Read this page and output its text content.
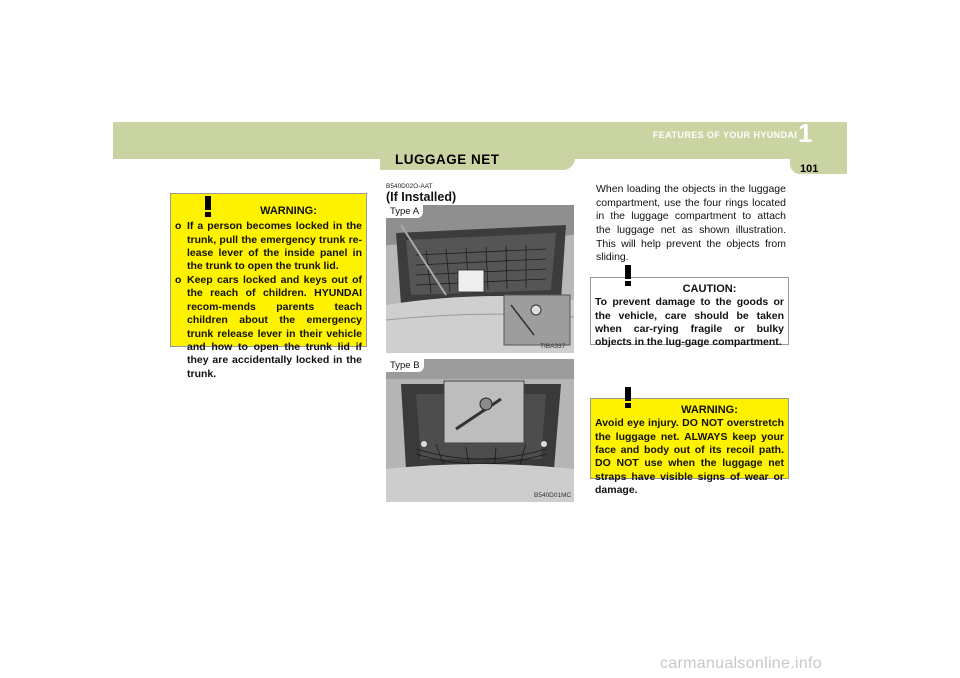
LUGGAGE NET
FEATURES OF YOUR HYUNDAI 1
101
WARNING:
o If a person becomes locked in the trunk, pull the emergency trunk re-lease lever of the inside panel in the trunk to open the trunk lid.
o Keep cars locked and keys out of the reach of children. HYUNDAI recom-mends parents teach children about the emergency trunk release lever in their vehicle and how to open the trunk lid if they are accidentally locked in the trunk.
B540D02O-AAT
(If Installed)
Type A
TIBA337
Type B
B540D01MC
When loading the objects in the luggage compartment, use the four rings located in the luggage compartment to attach the luggage net as shown illustration. This will help prevent the objects from sliding.
CAUTION:
To prevent damage to the goods or the vehicle, care should be taken when car-rying fragile or bulky objects in the lug-gage compartment.
WARNING:
Avoid eye injury. DO NOT overstretch the luggage net. ALWAYS keep your face and body out of its recoil path. DO NOT use when the luggage net straps have visible signs of wear or damage.
carmanualsonline.info
